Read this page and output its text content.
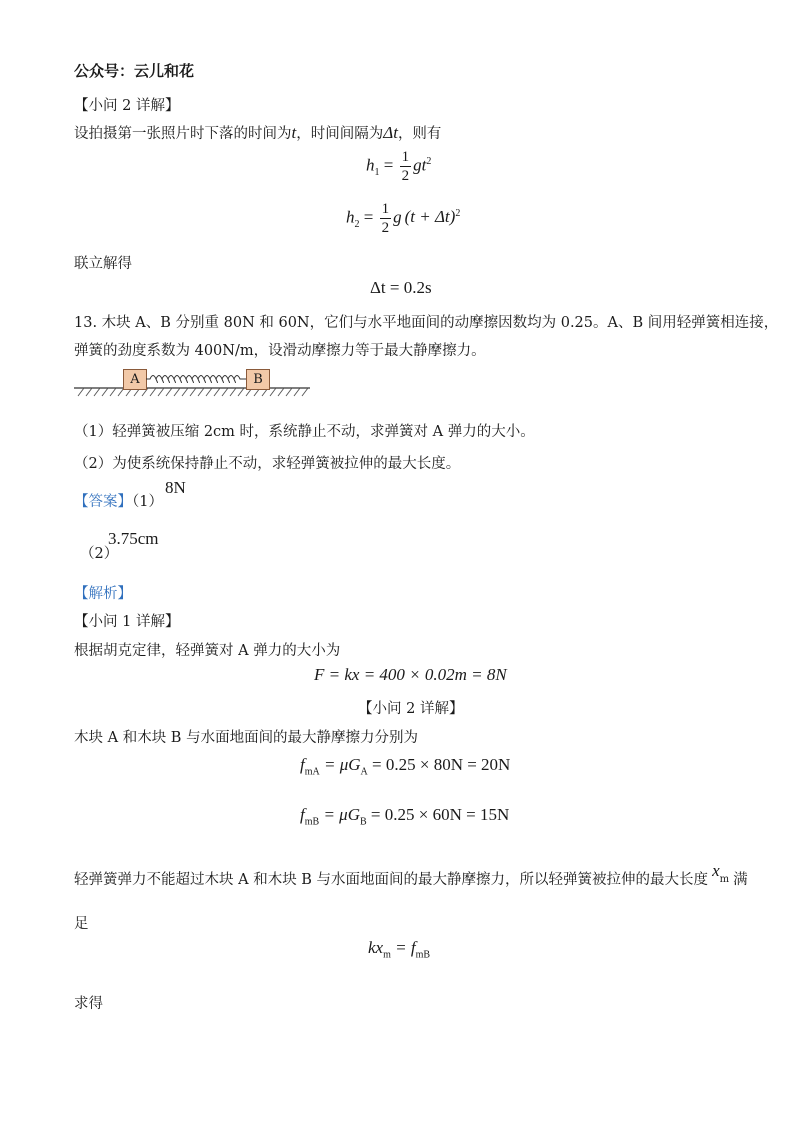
公众号：云儿和花
【小问 2 详解】
设拍摄第一张照片时下落的时间为t，时间间隔为Δt，则有
$h_1 = \frac{1}{2} gt^2$
$h_2 = \frac{1}{2}$ g $(t + \Delta t)^2$
联立解得
Δt = 0.2s
13. 木块 A、B 分别重 80N 和 60N，它们与水平地面间的动摩擦因数均为 0.25。A、B 间用轻弹簧相连接，
弹簧的劲度系数为 400N/m，设滑动摩擦力等于最大静摩擦力。
A	B
（1）轻弹簧被压缩 2cm 时，系统静止不动，求弹簧对 A 弹力的大小。
（2）为使系统保持静止不动，求轻弹簧被拉伸的最大长度。
【答案】（1）
8N
（2）
3.75cm
【解析】
【小问 1 详解】
根据胡克定律，轻弹簧对 A 弹力的大小为
F = kx = 400 × 0.02m = 8N
【小问 2 详解】
木块 A 和木块 B 与水面地面间的最大静摩擦力分别为
$f_{mA} = \mu G_A = 0.25 \times 80N = 20N$
$f_{mB} = \mu G_B = 0.25 \times 60N = 15N$
轻弹簧弹力不能超过木块 A 和木块 B 与水面地面间的最大静摩擦力，所以轻弹簧被拉伸的最大长度 $x_m$ 满
足
$kx_m = f_{mB}$
求得
